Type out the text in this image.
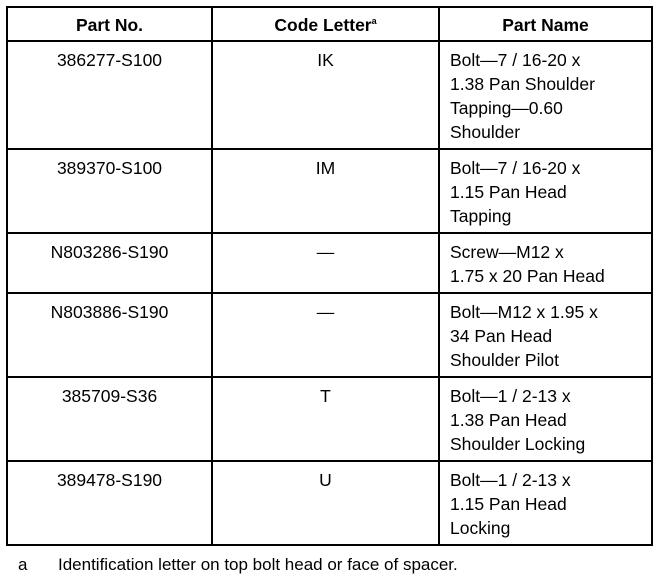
Part No.	Code Letter$^a$	Part Name
386277-S100	IK	Bolt—7 / 16-20 x
1.38 Pan Shoulder
Tapping—0.60
Shoulder

389370-S100	IM	Bolt—7 / 16-20 x
1.15 Pan Head
Tapping

N803286-S190	—	Screw—M12 x
1.75 x 20 Pan Head

N803886-S190	—	Bolt—M12 x 1.95 x
34 Pan Head
Shoulder Pilot

385709-S36	T	Bolt—1 / 2-13 x
1.38 Pan Head
Shoulder Locking

389478-S190	U	Bolt—1 / 2-13 x
1.15 Pan Head
Locking
a Identification letter on top bolt head or face of spacer.
